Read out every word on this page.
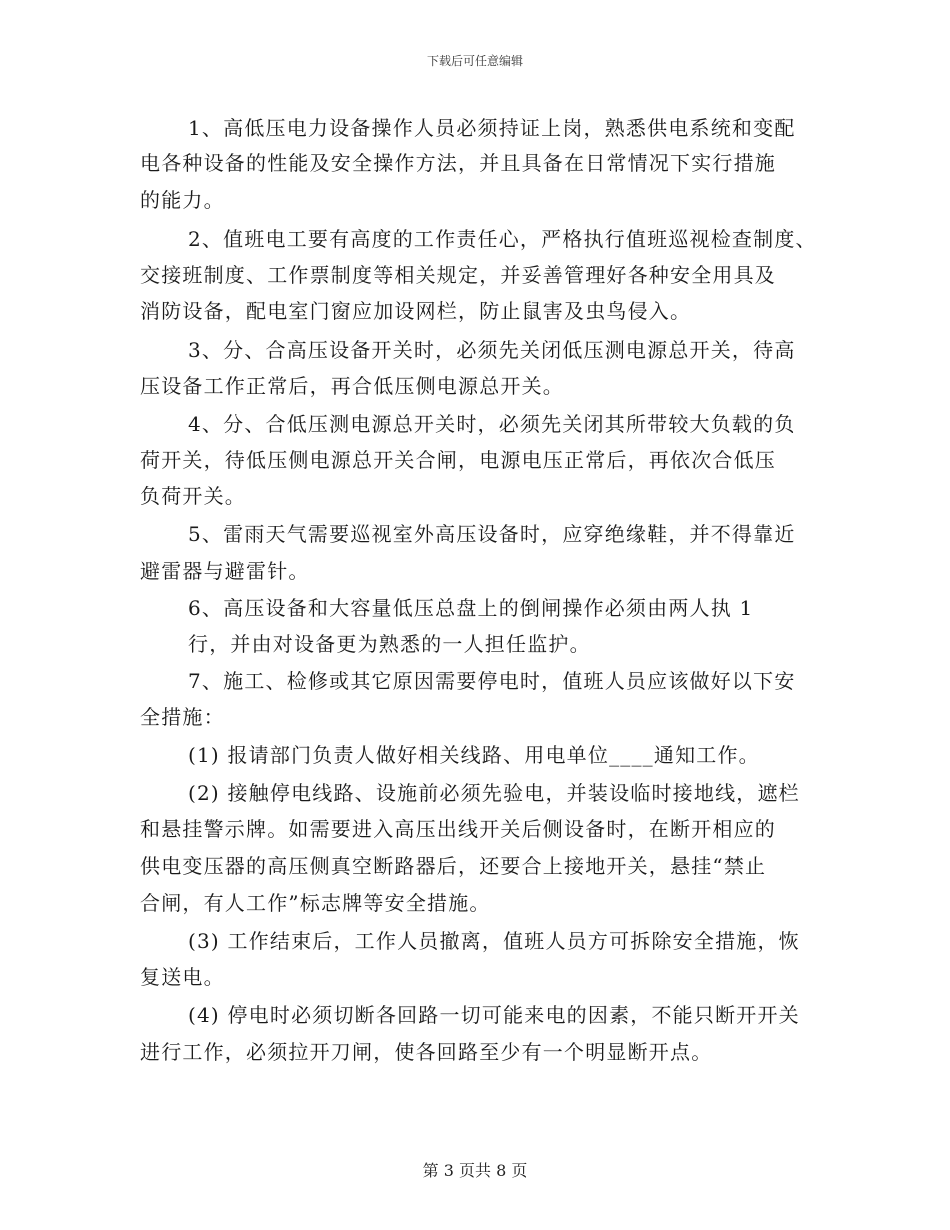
下载后可任意编辑
1、高低压电力设备操作人员必须持证上岗，熟悉供电系统和变配
电各种设备的性能及安全操作方法，并且具备在日常情况下实行措施
的能力。
2、值班电工要有高度的工作责任心，严格执行值班巡视检查制度、
交接班制度、工作票制度等相关规定，并妥善管理好各种安全用具及
消防设备，配电室门窗应加设网栏，防止鼠害及虫鸟侵入。
3、分、合高压设备开关时，必须先关闭低压测电源总开关，待高
压设备工作正常后，再合低压侧电源总开关。
4、分、合低压测电源总开关时，必须先关闭其所带较大负载的负
荷开关，待低压侧电源总开关合闸，电源电压正常后，再依次合低压
负荷开关。
5、雷雨天气需要巡视室外高压设备时，应穿绝缘鞋，并不得靠近
避雷器与避雷针。
6、高压设备和大容量低压总盘上的倒闸操作必须由两人执 1
行，并由对设备更为熟悉的一人担任监护。
7、施工、检修或其它原因需要停电时，值班人员应该做好以下安
全措施：
(1) 报请部门负责人做好相关线路、用电单位____通知工作。
(2) 接触停电线路、设施前必须先验电，并装设临时接地线，遮栏
和悬挂警示牌。如需要进入高压出线开关后侧设备时，在断开相应的
供电变压器的高压侧真空断路器后，还要合上接地开关，悬挂“禁止
合闸，有人工作”标志牌等安全措施。
(3) 工作结束后，工作人员撤离，值班人员方可拆除安全措施，恢
复送电。
(4) 停电时必须切断各回路一切可能来电的因素，不能只断开开关
进行工作，必须拉开刀闸，使各回路至少有一个明显断开点。
第 3 页共 8 页
